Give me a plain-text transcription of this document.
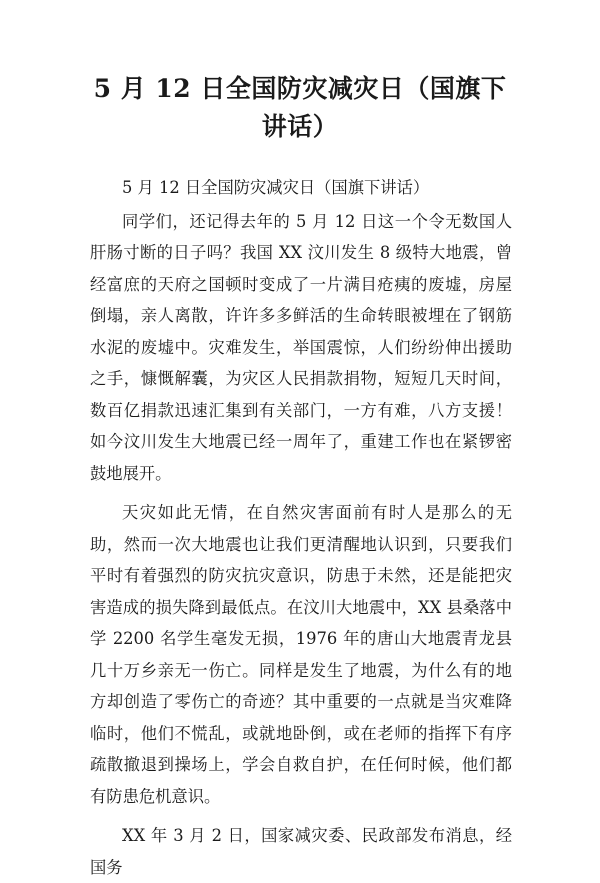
5 月 12 日全国防灾减灾日（国旗下讲话）

5 月 12 日全国防灾减灾日（国旗下讲话）

同学们，还记得去年的 5 月 12 日这一个令无数国人肝肠寸断的日子吗？我国 XX 汶川发生 8 级特大地震，曾经富庶的天府之国顿时变成了一片满目疮痍的废墟，房屋倒塌，亲人离散，许许多多鲜活的生命转眼被埋在了钢筋水泥的废墟中。灾难发生，举国震惊，人们纷纷伸出援助之手，慷慨解囊，为灾区人民捐款捐物，短短几天时间，数百亿捐款迅速汇集到有关部门，一方有难，八方支援！如今汶川发生大地震已经一周年了，重建工作也在紧锣密鼓地展开。

天灾如此无情，在自然灾害面前有时人是那么的无助，然而一次大地震也让我们更清醒地认识到，只要我们平时有着强烈的防灾抗灾意识，防患于未然，还是能把灾害造成的损失降到最低点。在汶川大地震中，XX 县桑落中学 2200 名学生毫发无损，1976 年的唐山大地震青龙县几十万乡亲无一伤亡。同样是发生了地震，为什么有的地方却创造了零伤亡的奇迹？其中重要的一点就是当灾难降临时，他们不慌乱，或就地卧倒，或在老师的指挥下有序疏散撤退到操场上，学会自救自护，在任何时候，他们都有防患危机意识。

XX 年 3 月 2 日，国家减灾委、民政部发布消息，经国务
